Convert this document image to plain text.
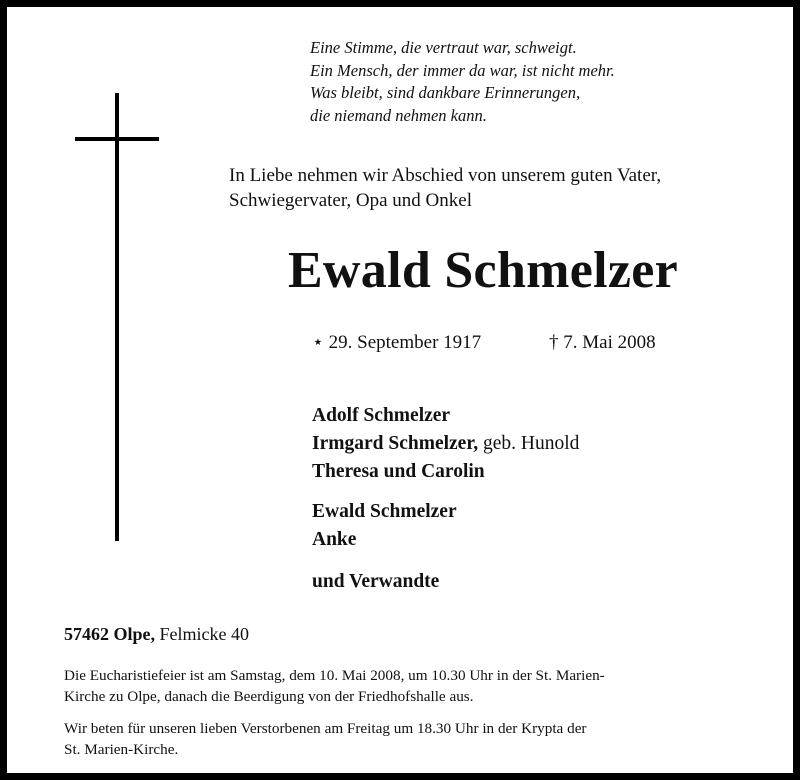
Eine Stimme, die vertraut war, schweigt.
Ein Mensch, der immer da war, ist nicht mehr.
Was bleibt, sind dankbare Erinnerungen,
die niemand nehmen kann.
In Liebe nehmen wir Abschied von unserem guten Vater,
Schwiegervater, Opa und Onkel
Ewald Schmelzer
⋆ 29. September 1917	† 7. Mai 2008
Adolf Schmelzer
Irmgard Schmelzer, geb. Hunold
Theresa und Carolin
Ewald Schmelzer
Anke
und Verwandte
57462 Olpe, Felmicke 40
Die Eucharistiefeier ist am Samstag, dem 10. Mai 2008, um 10.30 Uhr in der St. Marien-
Kirche zu Olpe, danach die Beerdigung von der Friedhofshalle aus.
Wir beten für unseren lieben Verstorbenen am Freitag um 18.30 Uhr in der Krypta der
St. Marien-Kirche.
